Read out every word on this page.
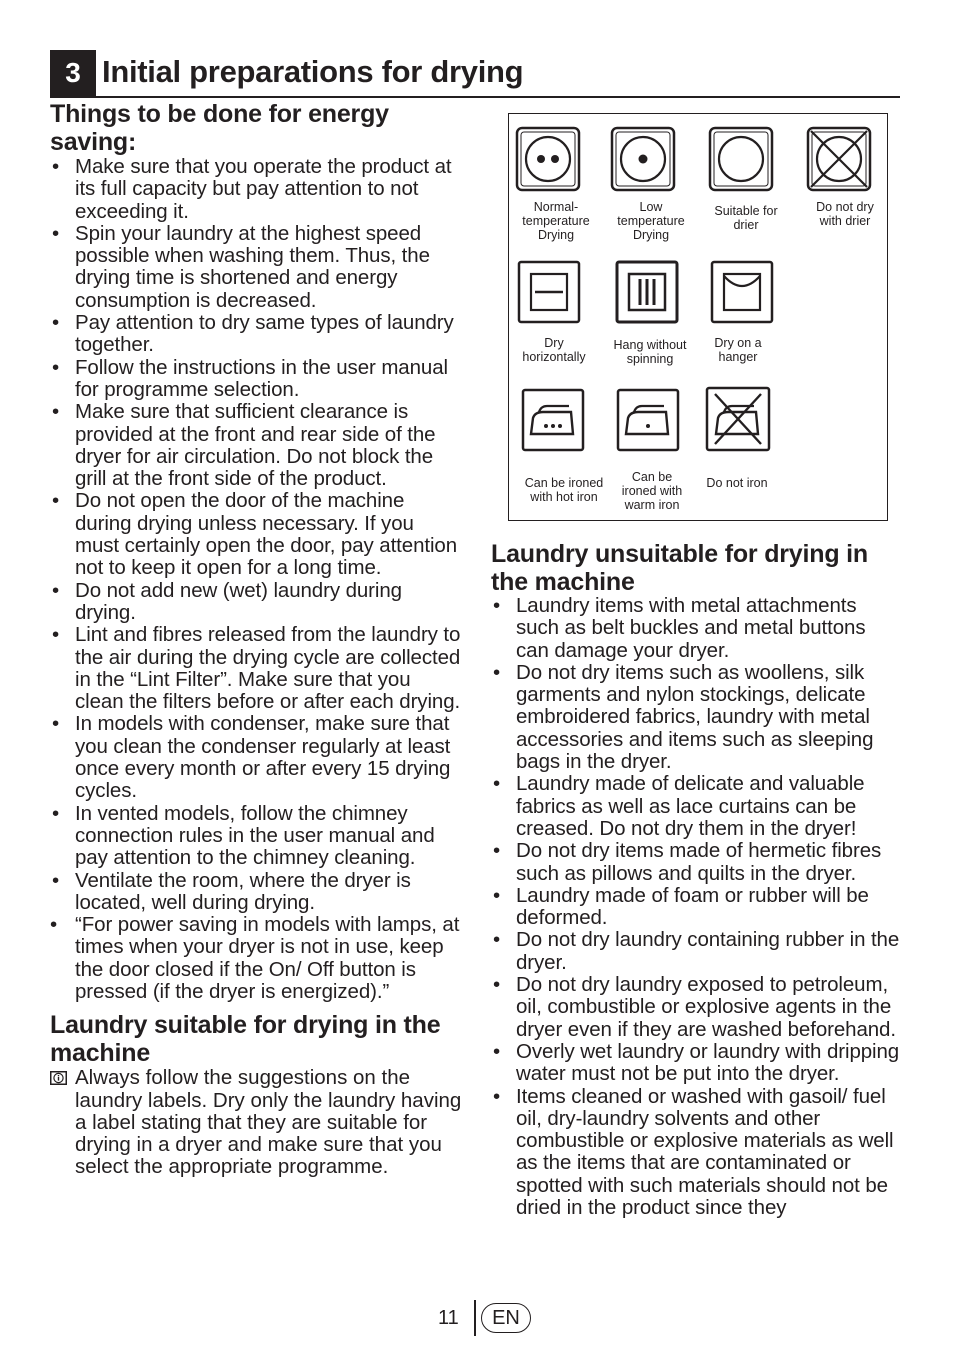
3 Initial preparations for drying
Things to be done for energy saving:
• Make sure that you operate the product at its full capacity but pay attention to not exceeding it.
• Spin your laundry at the highest speed possible when washing them. Thus, the drying time is shortened and energy consumption is decreased.
• Pay attention to dry same types of laundry together.
• Follow the instructions in the user manual for programme selection.
• Make sure that sufficient clearance is provided at the front and rear side of the dryer for air circulation. Do not block the grill at the front side of the product.
• Do not open the door of the machine during drying unless necessary. If you must certainly open the door, pay attention not to keep it open for a long time.
• Do not add new (wet) laundry during drying.
• Lint and fibres released from the laundry to the air during the drying cycle are collected in the “Lint Filter”. Make sure that you clean the filters before or after each drying.
• In models with condenser, make sure that you clean the condenser regularly at least once every month or after every 15 drying cycles.
• In vented models, follow the chimney connection rules in the user manual and pay attention to the chimney cleaning.
• Ventilate the room, where the dryer is located, well during drying.
• “For power saving in models with lamps, at times when your dryer is not in use, keep the door closed if the On/ Off button is pressed (if the dryer is energized).”
Laundry suitable for drying in the machine
Always follow the suggestions on the laundry labels. Dry only the laundry having a label stating that they are suitable for drying in a dryer and make sure that you select the appropriate programme.
Normal-
temperature
Drying
Low
temperature
Drying
Suitable for
drier
Do not dry
with drier
Dry
horizontally
Hang without
spinning
Dry on a
hanger
Can be ironed
with hot iron
Can be
ironed with
warm iron
Do not iron
Laundry unsuitable for drying in the machine
• Laundry items with metal attachments such as belt buckles and metal buttons can damage your dryer.
• Do not dry items such as woollens, silk garments and nylon stockings, delicate embroidered fabrics, laundry with metal accessories and items such as sleeping bags in the dryer.
• Laundry made of delicate and valuable fabrics as well as lace curtains can be creased. Do not dry them in the dryer!
• Do not dry items made of hermetic fibres such as pillows and quilts in the dryer.
• Laundry made of foam or rubber will be deformed.
• Do not dry laundry containing rubber in the dryer.
• Do not dry laundry exposed to petroleum, oil, combustible or explosive agents in the dryer even if they are washed beforehand.
• Overly wet laundry or laundry with dripping water must not be put into the dryer.
• Items cleaned or washed with gasoil/ fuel oil, dry-laundry solvents and other combustible or explosive materials as well as the items that are contaminated or spotted with such materials should not be dried in the product since they
11	EN
